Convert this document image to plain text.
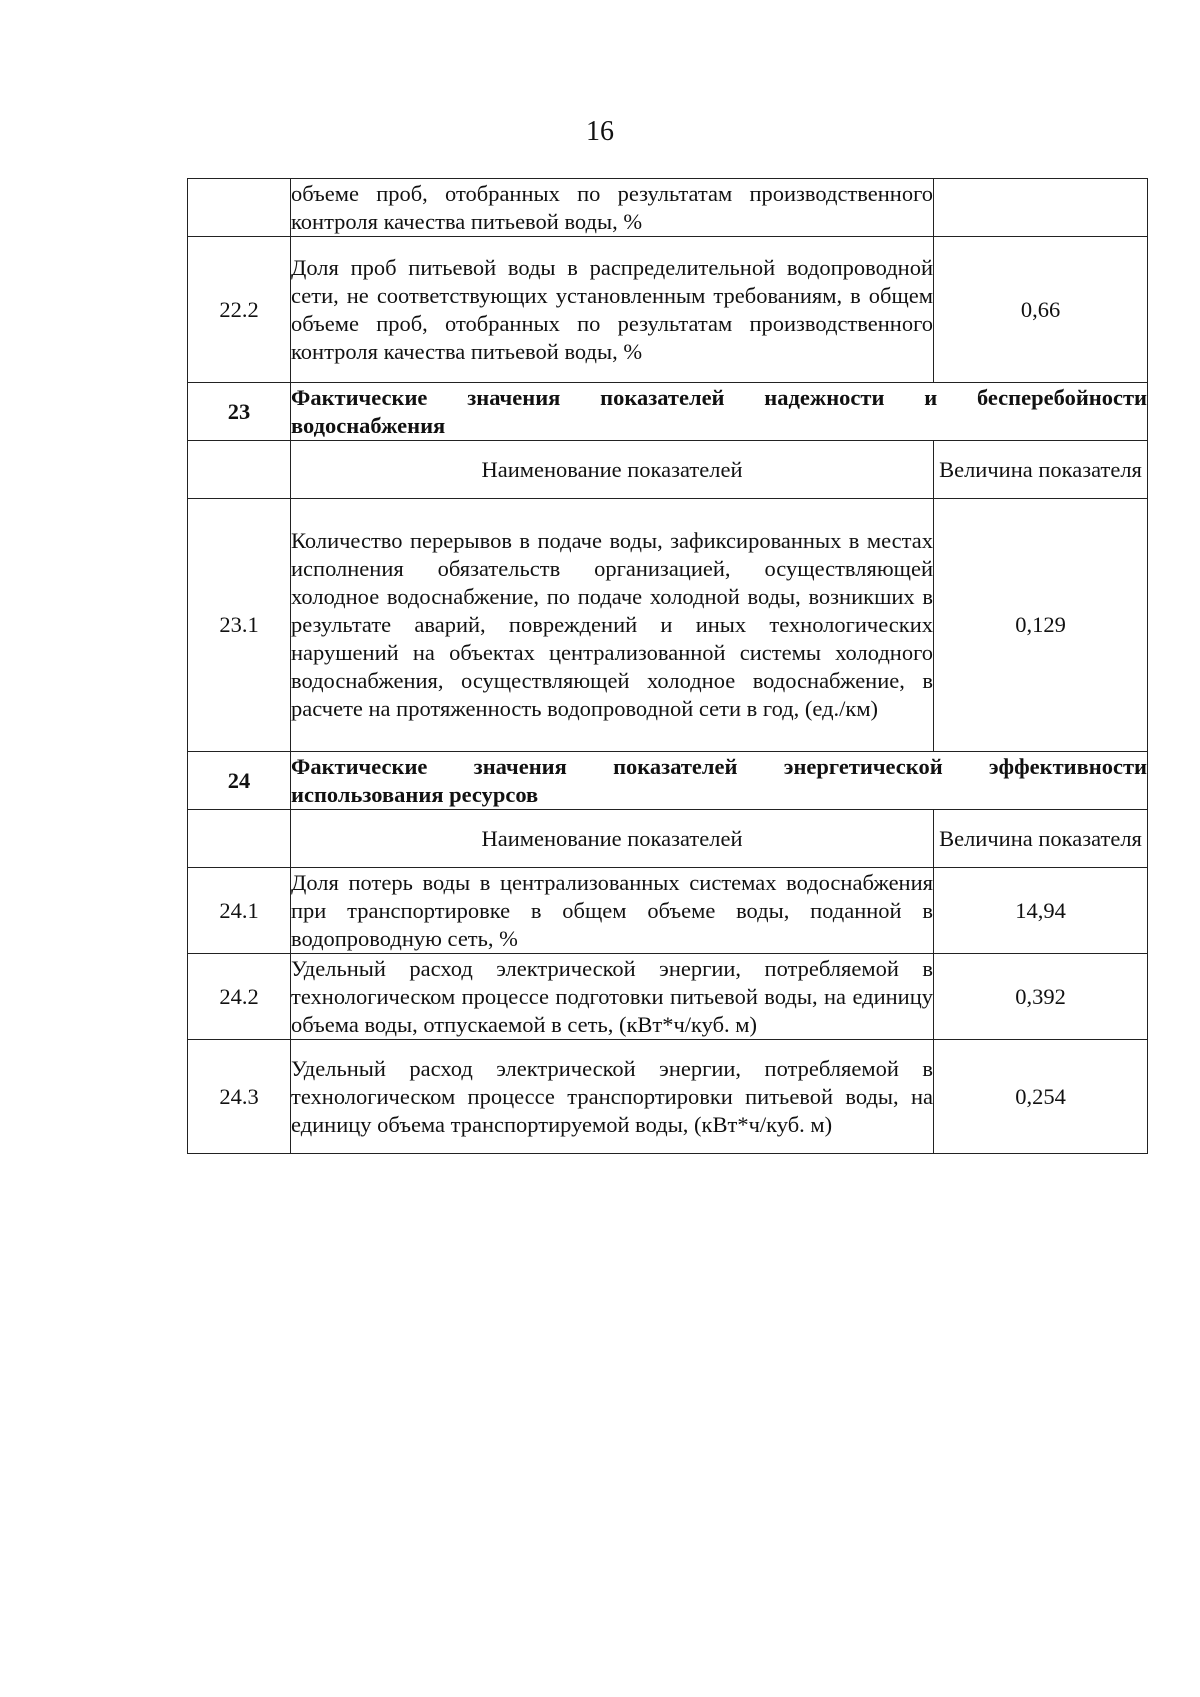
16
	объеме проб, отобранных по результатам производственного контроля качества питьевой воды, %	
22.2	Доля проб питьевой воды в распределительной водопроводной сети, не соответствующих установленным требованиям, в общем объеме проб, отобранных по результатам производственного контроля качества питьевой воды, %	0,66
23	Фактические значения показателей надежности и бесперебойности
водоснабжения	

	Наименование показателей	Величина показателя
23.1	Количество перерывов в подаче воды, зафиксированных в местах исполнения обязательств организацией, осуществляющей холодное водоснабжение, по подаче холодной воды, возникших в результате аварий, повреждений и иных технологических нарушений на объектах централизованной системы холодного водоснабжения, осуществляющей холодное водоснабжение, в расчете на протяженность водопроводной сети в год, (ед./км)	0,129
24	Фактические значения показателей энергетической эффективности
использования ресурсов	

	Наименование показателей	Величина показателя
24.1	Доля потерь воды в централизованных системах водоснабжения при транспортировке в общем объеме воды, поданной в водопроводную сеть, %	14,94
24.2	Удельный расход электрической энергии, потребляемой в технологическом процессе подготовки питьевой воды, на единицу объема воды, отпускаемой в сеть, (кВт*ч/куб. м)	0,392
24.3	Удельный расход электрической энергии, потребляемой в технологическом процессе транспортировки питьевой воды, на единицу объема транспортируемой воды, (кВт*ч/куб. м)	0,254
